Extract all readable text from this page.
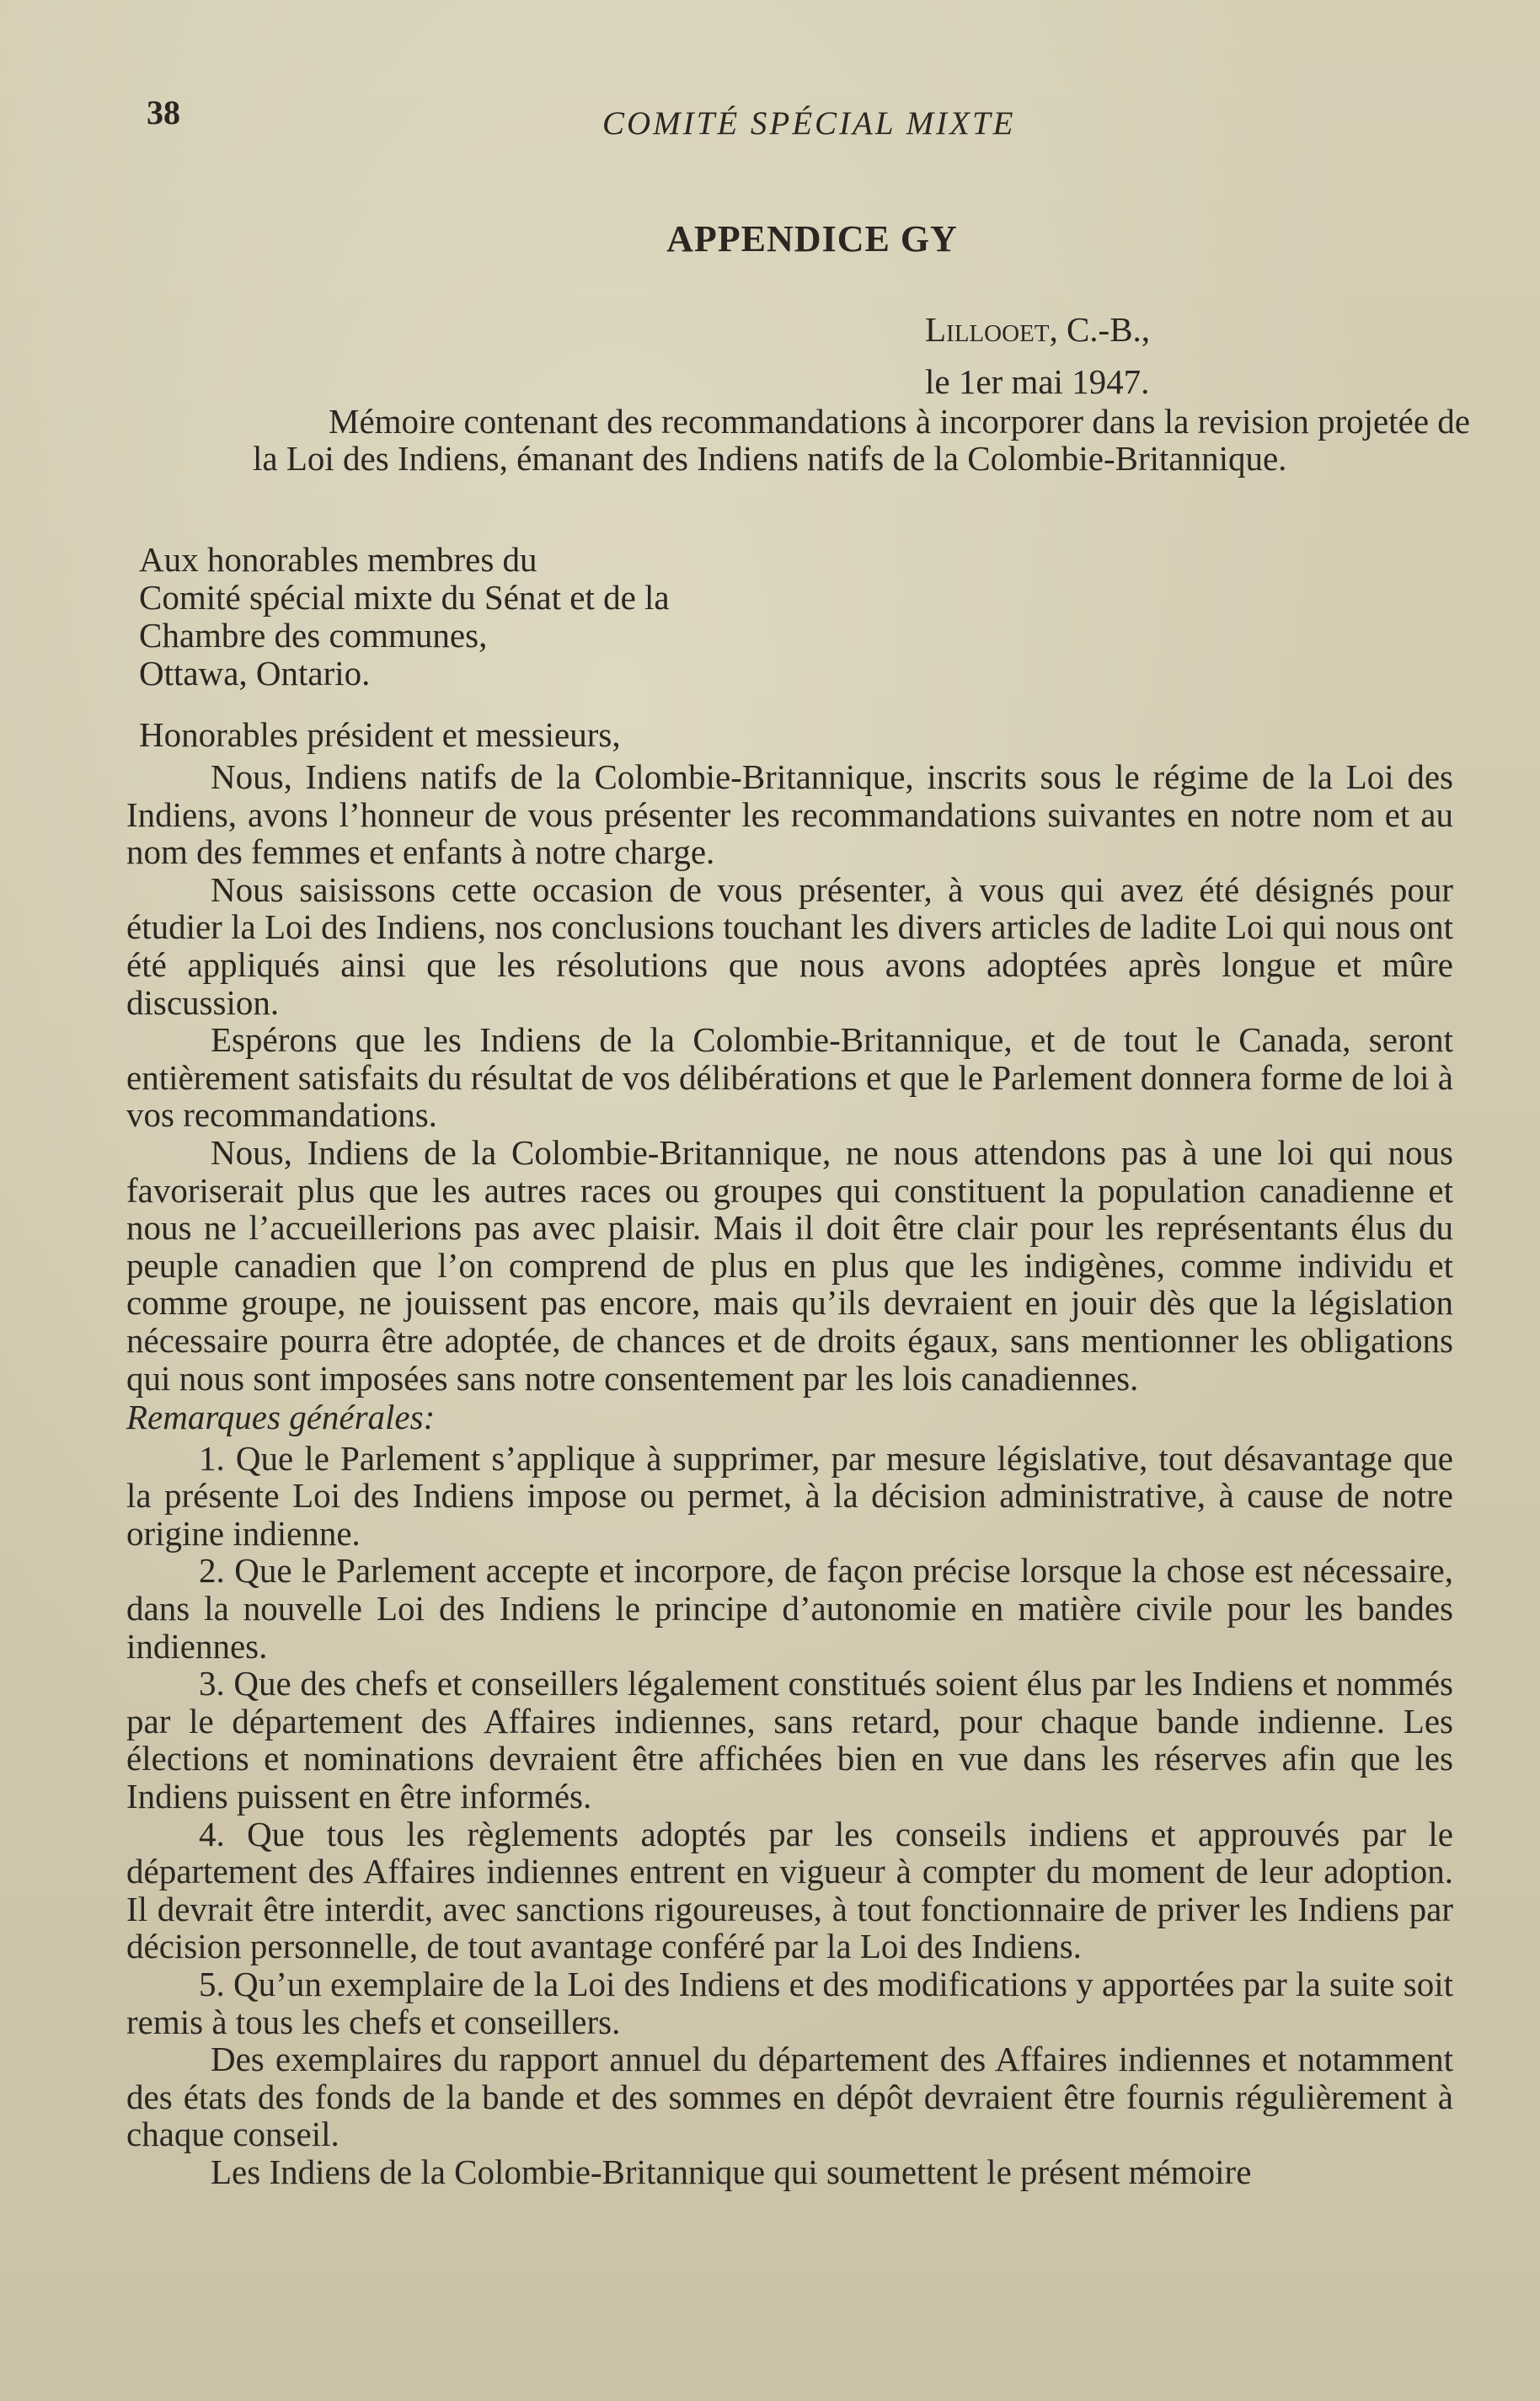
38	COMITÉ SPÉCIAL MIXTE
APPENDICE GY
Lillooet, C.-B.,
le 1er mai 1947.

Mémoire contenant des recommandations à incorporer dans la revision projetée de la Loi des Indiens, émanant des Indiens natifs de la Colombie-Britannique.

Aux honorables membres du
Comité spécial mixte du Sénat et de la
Chambre des communes,
Ottawa, Ontario.
Honorables président et messieurs,

Nous, Indiens natifs de la Colombie-Britannique, inscrits sous le régime de la Loi des Indiens, avons l’honneur de vous présenter les recommandations suivantes en notre nom et au nom des femmes et enfants à notre charge.

Nous saisissons cette occasion de vous présenter, à vous qui avez été désignés pour étudier la Loi des Indiens, nos conclusions touchant les divers articles de ladite Loi qui nous ont été appliqués ainsi que les résolutions que nous avons adoptées après longue et mûre discussion.

Espérons que les Indiens de la Colombie-Britannique, et de tout le Canada, seront entièrement satisfaits du résultat de vos délibérations et que le Parlement donnera forme de loi à vos recommandations.

Nous, Indiens de la Colombie-Britannique, ne nous attendons pas à une loi qui nous favoriserait plus que les autres races ou groupes qui constituent la population canadienne et nous ne l’accueillerions pas avec plaisir. Mais il doit être clair pour les représentants élus du peuple canadien que l’on comprend de plus en plus que les indigènes, comme individu et comme groupe, ne jouissent pas encore, mais qu’ils devraient en jouir dès que la législation nécessaire pourra être adoptée, de chances et de droits égaux, sans mentionner les obligations qui nous sont imposées sans notre consentement par les lois canadiennes.

Remarques générales:

1. Que le Parlement s’applique à supprimer, par mesure législative, tout désavantage que la présente Loi des Indiens impose ou permet, à la décision administrative, à cause de notre origine indienne.

2. Que le Parlement accepte et incorpore, de façon précise lorsque la chose est nécessaire, dans la nouvelle Loi des Indiens le principe d’autonomie en matière civile pour les bandes indiennes.

3. Que des chefs et conseillers légalement constitués soient élus par les Indiens et nommés par le département des Affaires indiennes, sans retard, pour chaque bande indienne. Les élections et nominations devraient être affichées bien en vue dans les réserves afin que les Indiens puissent en être informés.

4. Que tous les règlements adoptés par les conseils indiens et approuvés par le département des Affaires indiennes entrent en vigueur à compter du moment de leur adoption. Il devrait être interdit, avec sanctions rigoureuses, à tout fonctionnaire de priver les Indiens par décision personnelle, de tout avantage conféré par la Loi des Indiens.

5. Qu’un exemplaire de la Loi des Indiens et des modifications y apportées par la suite soit remis à tous les chefs et conseillers.

Des exemplaires du rapport annuel du département des Affaires indiennes et notamment des états des fonds de la bande et des sommes en dépôt devraient être fournis régulièrement à chaque conseil.

Les Indiens de la Colombie-Britannique qui soumettent le présent mémoire
